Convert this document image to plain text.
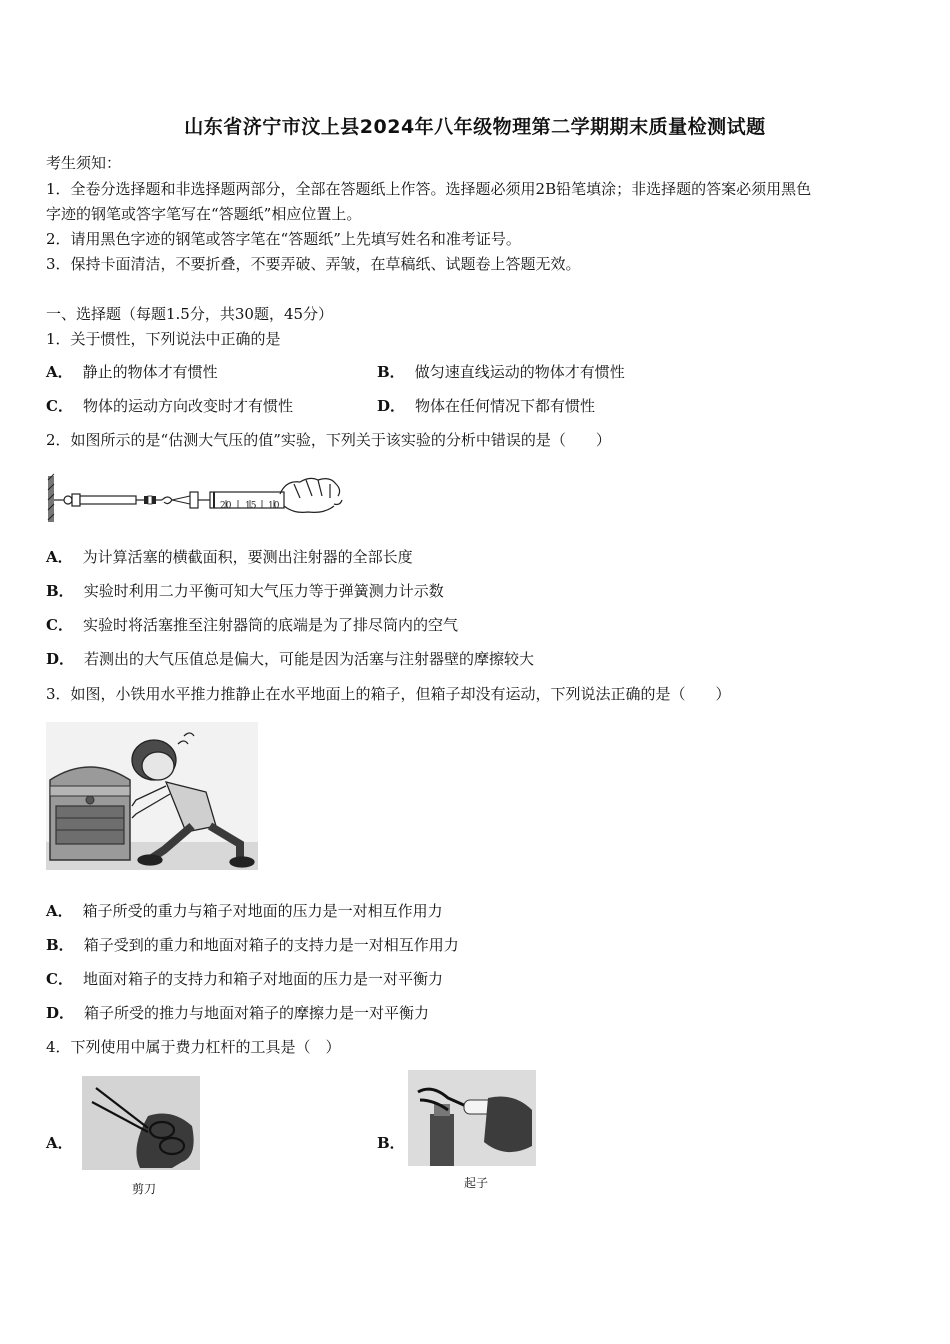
山东省济宁市汶上县2024年八年级物理第二学期期末质量检测试题
考生须知：
1．全卷分选择题和非选择题两部分，全部在答题纸上作答。选择题必须用2B铅笔填涂；非选择题的答案必须用黑色
字迹的钢笔或答字笔写在“答题纸”相应位置上。
2．请用黑色字迹的钢笔或答字笔在“答题纸”上先填写姓名和准考证号。
3．保持卡面清洁，不要折叠，不要弄破、弄皱，在草稿纸、试题卷上答题无效。
一、选择题（每题1.5分，共30题，45分）
1．关于惯性，下列说法中正确的是
A． 静止的物体才有惯性	B． 做匀速直线运动的物体才有惯性
C． 物体的运动方向改变时才有惯性	D． 物体在任何情况下都有惯性
2．如图所示的是“估测大气压的值”实验，下列关于该实验的分析中错误的是（　　）
20 15 10
A． 为计算活塞的横截面积，要测出注射器的全部长度
B． 实验时利用二力平衡可知大气压力等于弹簧测力计示数
C． 实验时将活塞推至注射器筒的底端是为了排尽筒内的空气
D． 若测出的大气压值总是偏大，可能是因为活塞与注射器壁的摩擦较大
3．如图，小铁用水平推力推静止在水平地面上的箱子，但箱子却没有运动，下列说法正确的是（　　）
A． 箱子所受的重力与箱子对地面的压力是一对相互作用力
B． 箱子受到的重力和地面对箱子的支持力是一对相互作用力
C． 地面对箱子的支持力和箱子对地面的压力是一对平衡力
D． 箱子所受的推力与地面对箱子的摩擦力是一对平衡力
4．下列使用中属于费力杠杆的工具是（　）
A．
剪刀
B．
起子
